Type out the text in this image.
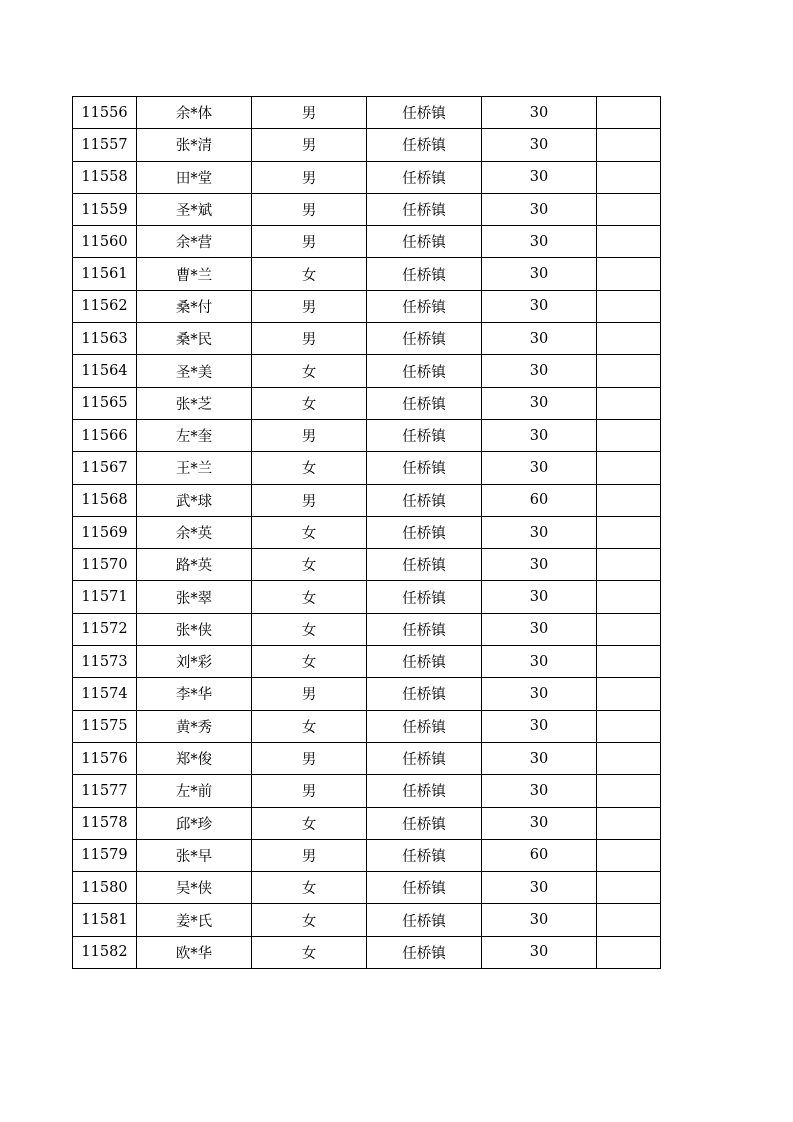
11556	余*体	男	任桥镇	30	
11557	张*清	男	任桥镇	30	
11558	田*堂	男	任桥镇	30	
11559	圣*斌	男	任桥镇	30	
11560	余*营	男	任桥镇	30	
11561	曹*兰	女	任桥镇	30	
11562	桑*付	男	任桥镇	30	
11563	桑*民	男	任桥镇	30	
11564	圣*美	女	任桥镇	30	
11565	张*芝	女	任桥镇	30	
11566	左*奎	男	任桥镇	30	
11567	王*兰	女	任桥镇	30	
11568	武*球	男	任桥镇	60	
11569	余*英	女	任桥镇	30	
11570	路*英	女	任桥镇	30	
11571	张*翠	女	任桥镇	30	
11572	张*侠	女	任桥镇	30	
11573	刘*彩	女	任桥镇	30	
11574	李*华	男	任桥镇	30	
11575	黄*秀	女	任桥镇	30	
11576	郑*俊	男	任桥镇	30	
11577	左*前	男	任桥镇	30	
11578	邱*珍	女	任桥镇	30	
11579	张*早	男	任桥镇	60	
11580	吴*侠	女	任桥镇	30	
11581	姜*氏	女	任桥镇	30	
11582	欧*华	女	任桥镇	30	
